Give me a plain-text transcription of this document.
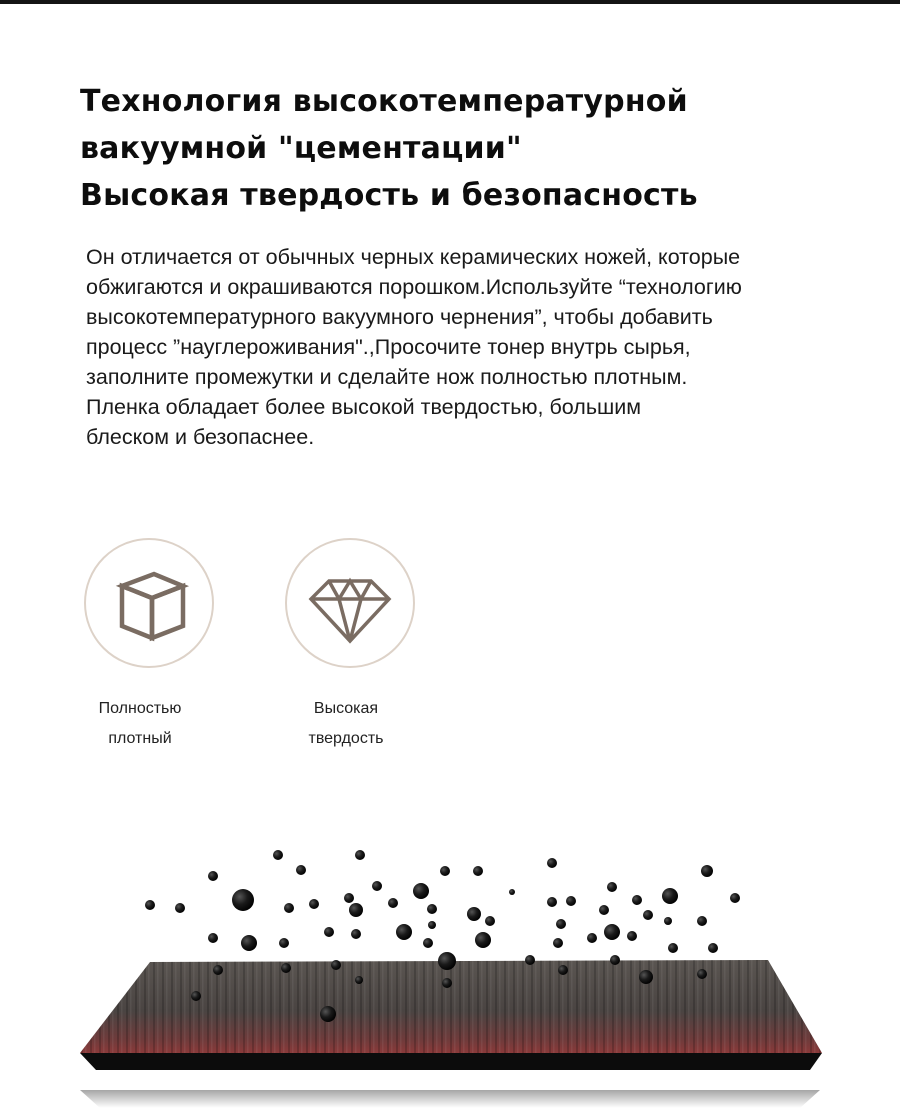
Технология высокотемпературной
вакуумной "цементации"
Высокая твердость и безопасность

Он отличается от обычных черных керамических ножей, которые
обжигаются и окрашиваются порошком.Используйте “технологию
высокотемпературного вакуумного чернения”, чтобы добавить
процесс ”науглероживания".,Просочите тонер внутрь сырья,
заполните промежутки и сделайте нож полностью плотным.
Пленка обладает более высокой твердостью, большим
блеском и безопаснее.

Полностью
плотный
Высокая
твердость
